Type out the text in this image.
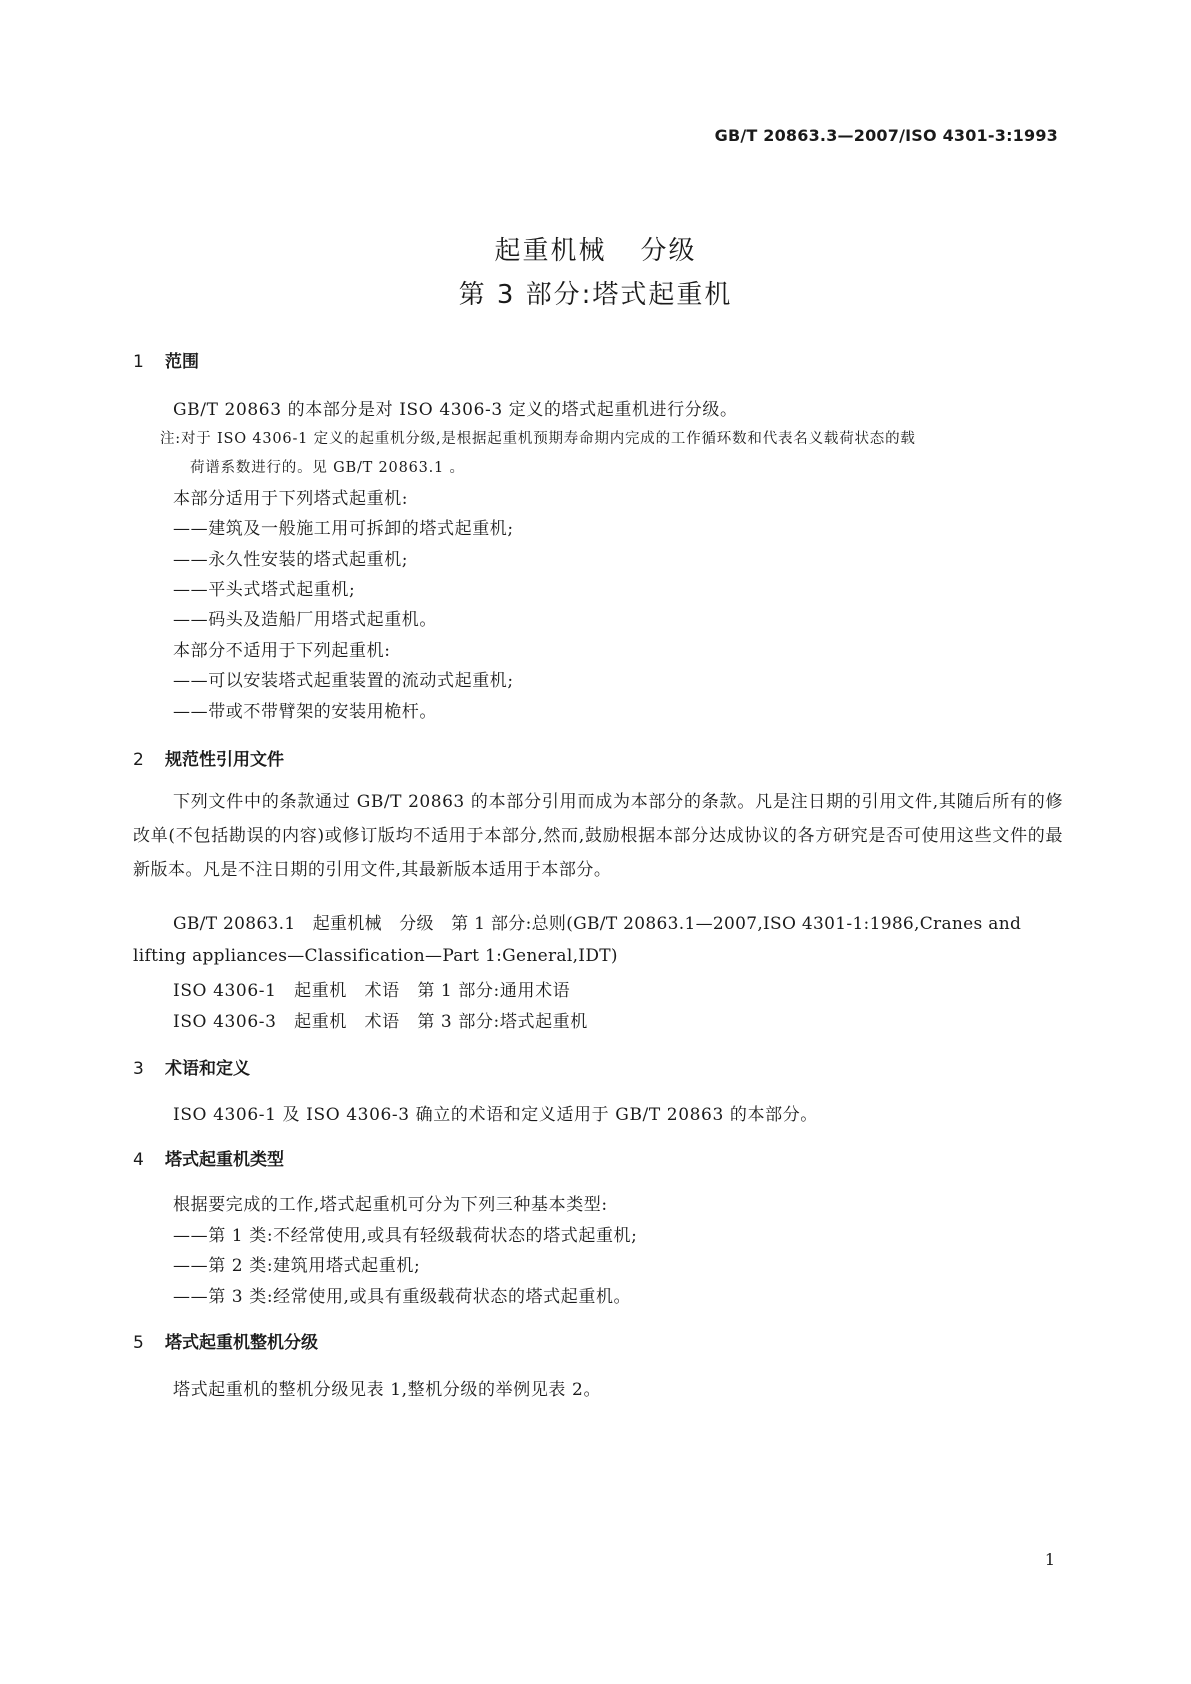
GB/T 20863.3—2007/ISO 4301-3:1993
起重机械 分级
第 3 部分:塔式起重机
1 范围
GB/T 20863 的本部分是对 ISO 4306-3 定义的塔式起重机进行分级。
注:对于 ISO 4306-1 定义的起重机分级,是根据起重机预期寿命期内完成的工作循环数和代表名义载荷状态的载
荷谱系数进行的。见 GB/T 20863.1 。
本部分适用于下列塔式起重机:
——建筑及一般施工用可拆卸的塔式起重机;
——永久性安装的塔式起重机;
——平头式塔式起重机;
——码头及造船厂用塔式起重机。
本部分不适用于下列起重机:
——可以安装塔式起重装置的流动式起重机;
——带或不带臂架的安装用桅杆。
2 规范性引用文件
下列文件中的条款通过 GB/T 20863 的本部分引用而成为本部分的条款。凡是注日期的引用文件,其随后所有的修改单(不包括勘误的内容)或修订版均不适用于本部分,然而,鼓励根据本部分达成协议的各方研究是否可使用这些文件的最新版本。凡是不注日期的引用文件,其最新版本适用于本部分。
GB/T 20863.1　起重机械　分级　第 1 部分:总则(GB/T 20863.1—2007,ISO 4301-1:1986,Cranes and lifting appliances—Classification—Part 1:General,IDT)
ISO 4306-1　起重机　术语　第 1 部分:通用术语
ISO 4306-3　起重机　术语　第 3 部分:塔式起重机
3 术语和定义
ISO 4306-1 及 ISO 4306-3 确立的术语和定义适用于 GB/T 20863 的本部分。
4 塔式起重机类型
根据要完成的工作,塔式起重机可分为下列三种基本类型:
——第 1 类:不经常使用,或具有轻级载荷状态的塔式起重机;
——第 2 类:建筑用塔式起重机;
——第 3 类:经常使用,或具有重级载荷状态的塔式起重机。
5 塔式起重机整机分级
塔式起重机的整机分级见表 1,整机分级的举例见表 2。
1
